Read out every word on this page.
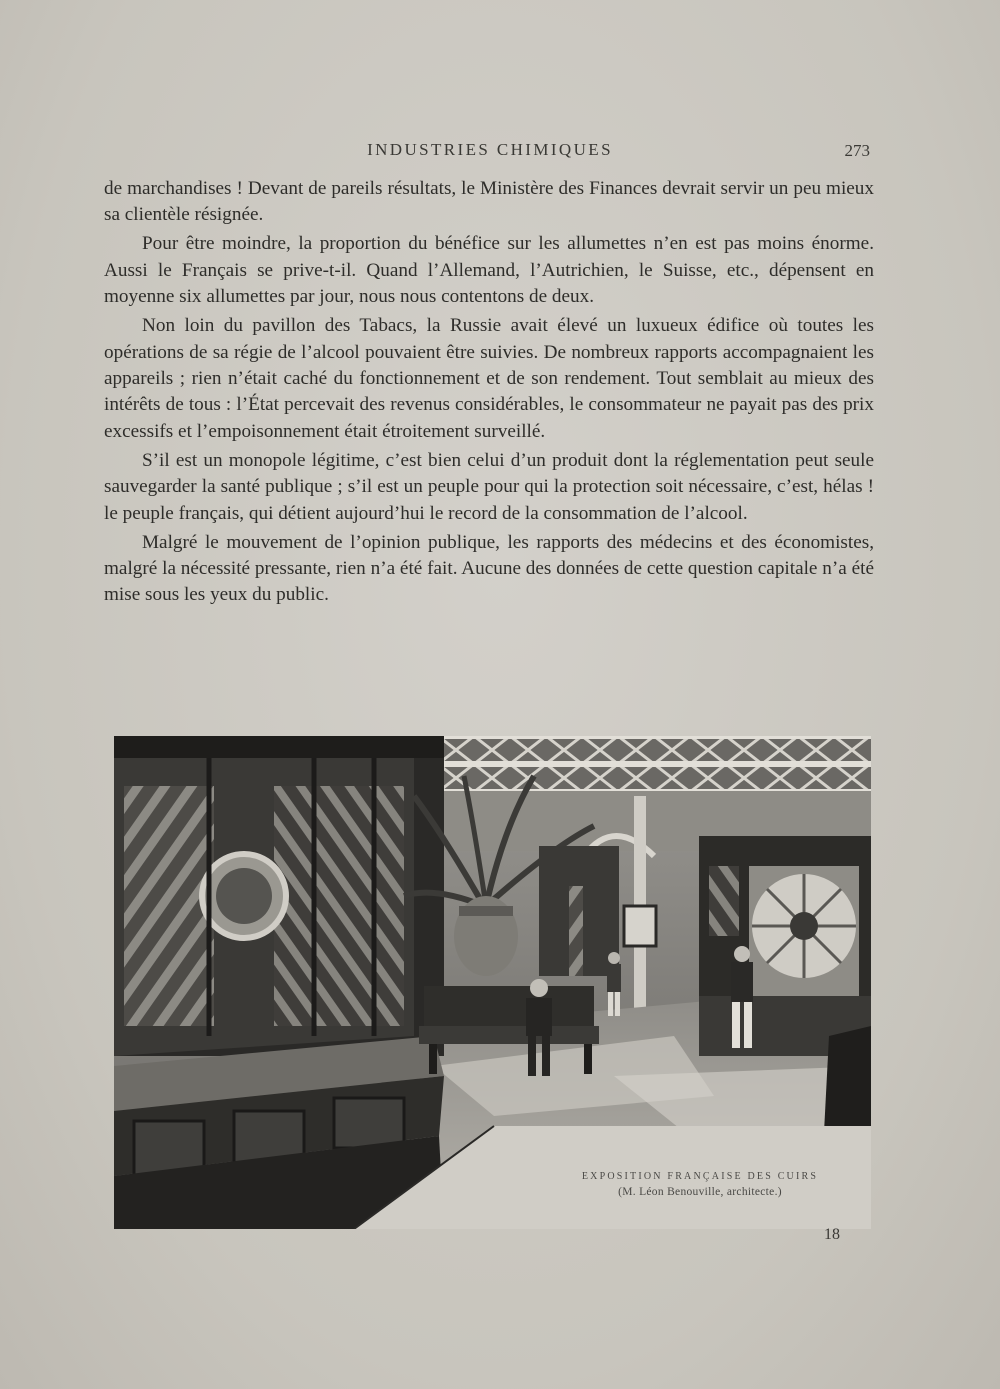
INDUSTRIES CHIMIQUES	273

de marchandises ! Devant de pareils résultats, le Ministère des Finances devrait servir un peu mieux sa clientèle résignée.

Pour être moindre, la proportion du bénéfice sur les allumettes n’en est pas moins énorme. Aussi le Français se prive-t-il. Quand l’Allemand, l’Autrichien, le Suisse, etc., dépensent en moyenne six allumettes par jour, nous nous contentons de deux.

Non loin du pavillon des Tabacs, la Russie avait élevé un luxueux édifice où toutes les opérations de sa régie de l’alcool pouvaient être suivies. De nombreux rapports accompagnaient les appareils ; rien n’était caché du fonctionnement et de son rendement. Tout semblait au mieux des intérêts de tous : l’État percevait des revenus considérables, le consommateur ne payait pas des prix excessifs et l’empoisonnement était étroitement surveillé.

S’il est un monopole légitime, c’est bien celui d’un produit dont la réglementation peut seule sauvegarder la santé publique ; s’il est un peuple pour qui la protection soit nécessaire, c’est, hélas ! le peuple français, qui détient aujourd’hui le record de la consommation de l’alcool.

Malgré le mouvement de l’opinion publique, les rapports des médecins et des économistes, malgré la nécessité pressante, rien n’a été fait. Aucune des données de cette question capitale n’a été mise sous les yeux du public.

EXPOSITION FRANÇAISE DES CUIRS
(M. Léon Benouville, architecte.)
18
